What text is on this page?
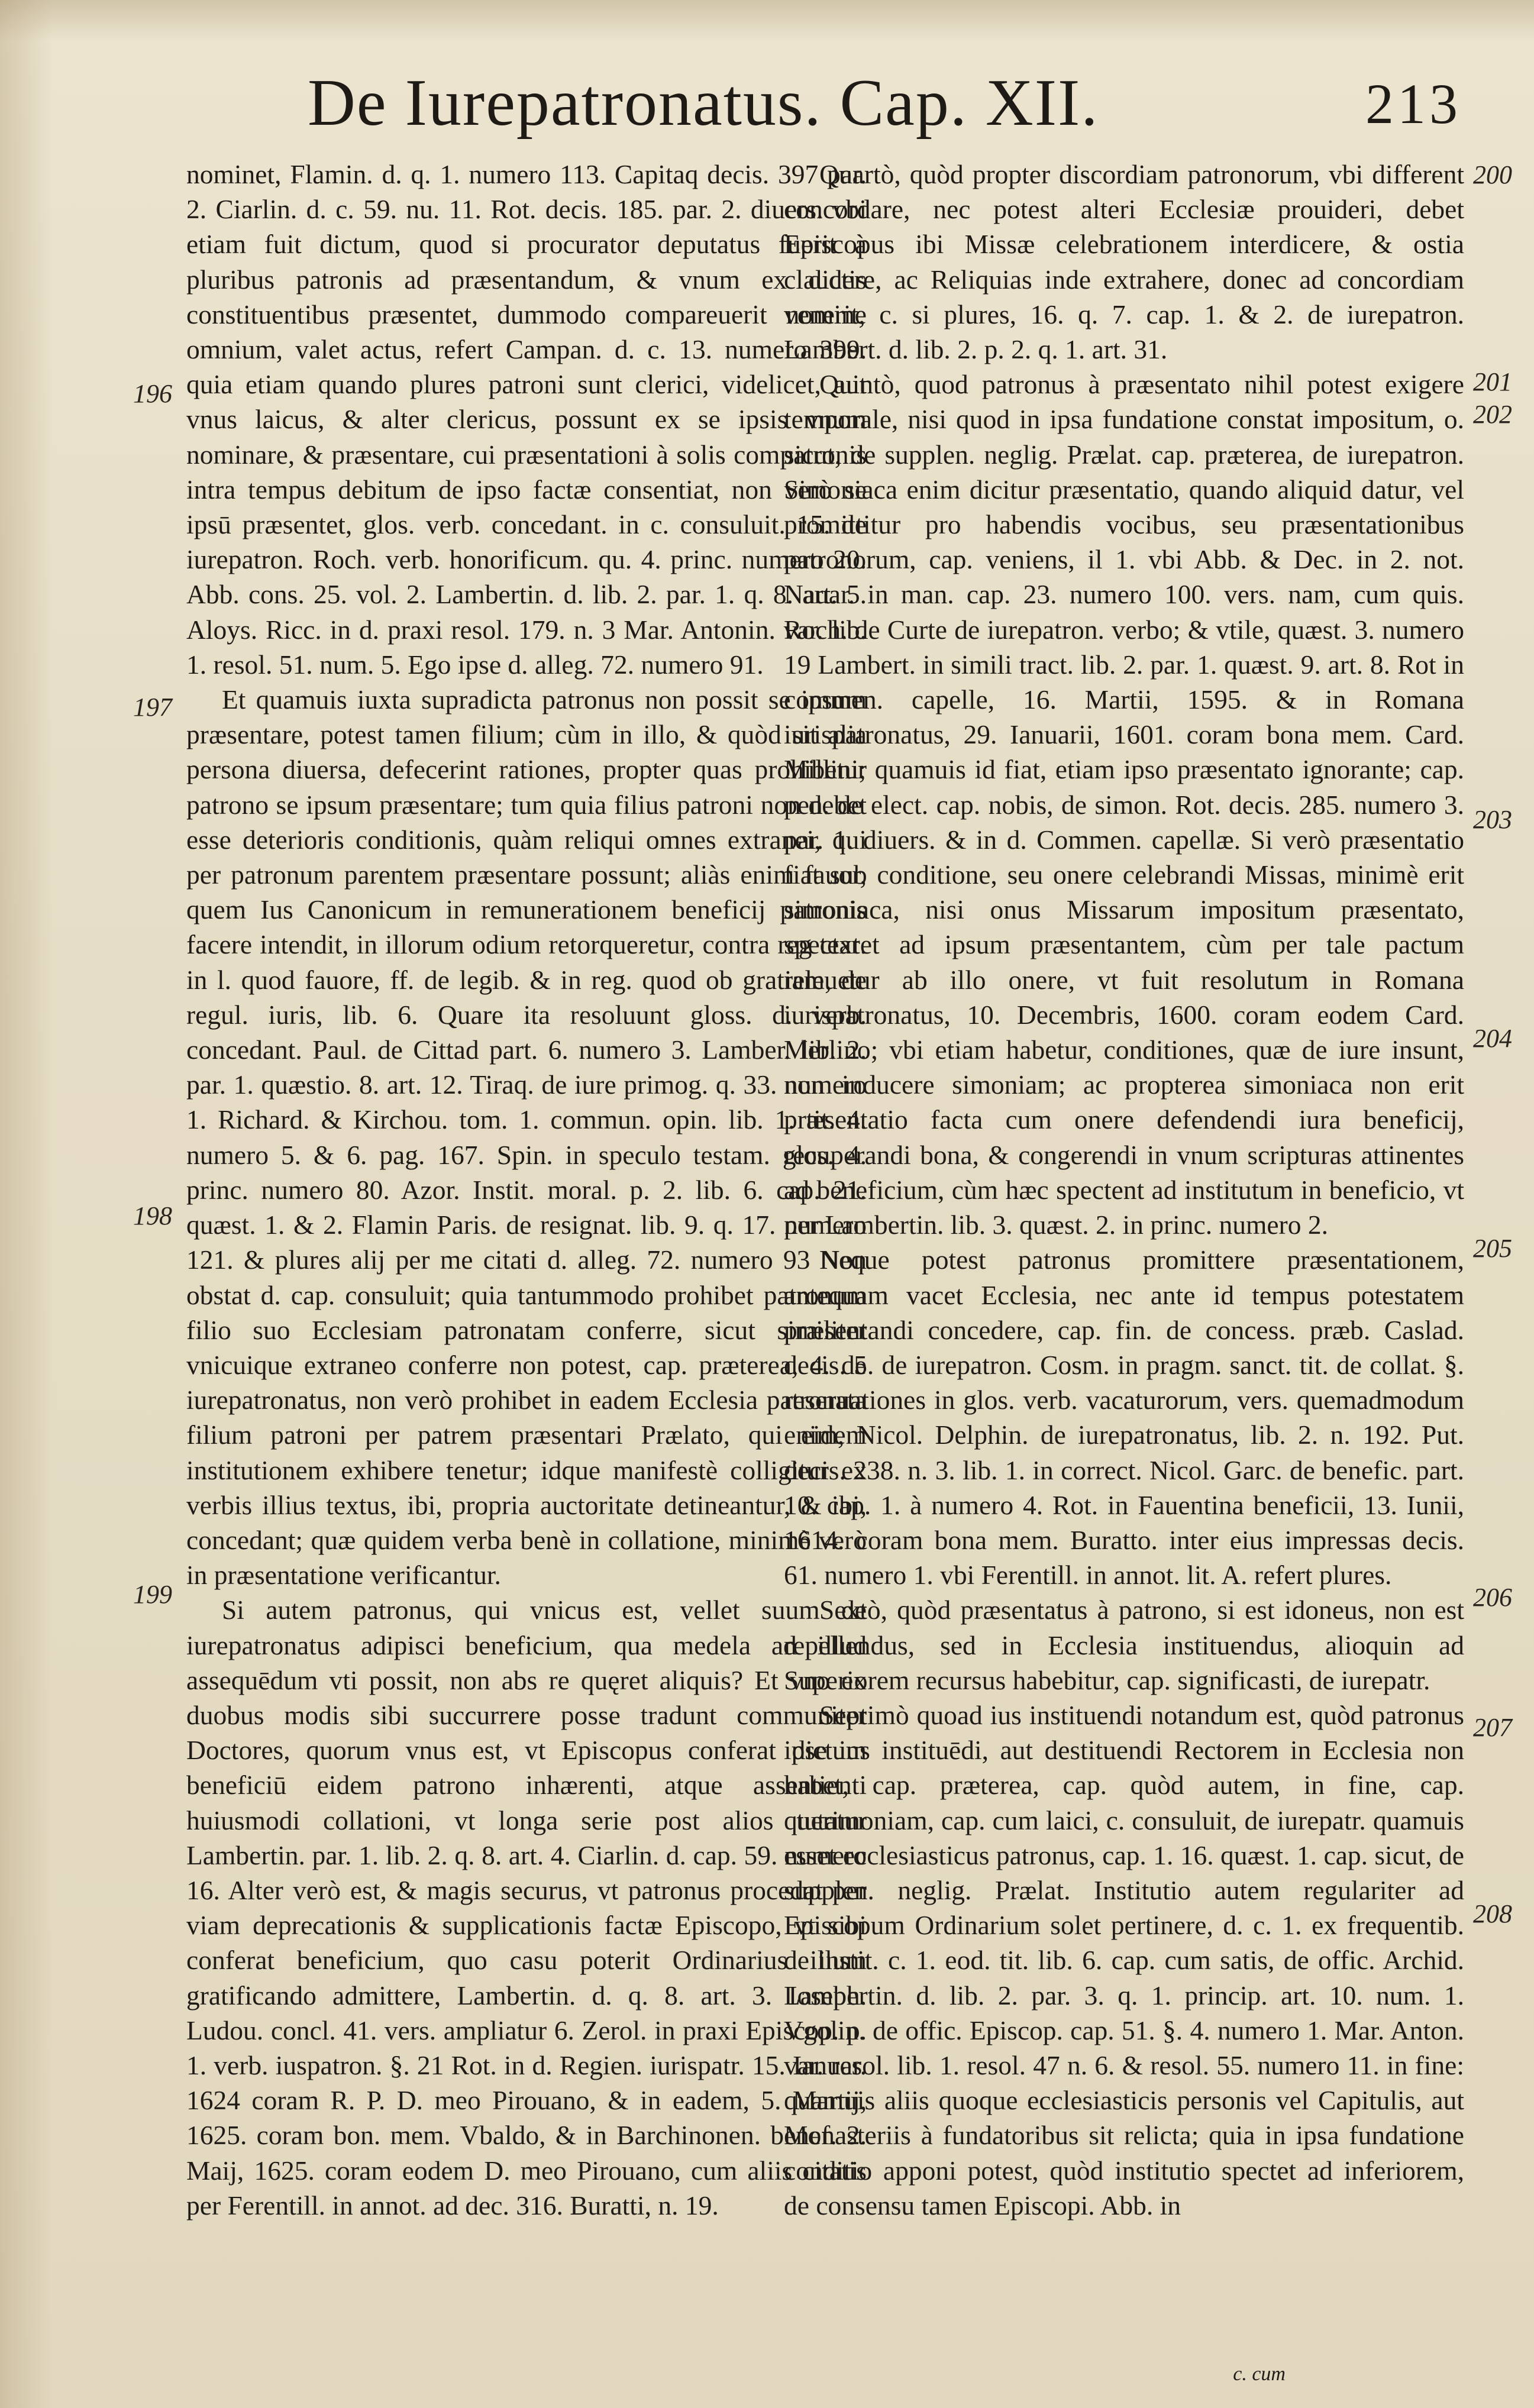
De Iurepatronatus. Cap. XII.	213
196
197
198
199
200
201
202
203
204
205
206
207
208

nominet, Flamin. d. q. 1. numero 113. Capitaq decis. 397 par. 2. Ciarlin. d. c. 59. nu. 11. Rot. decis. 185. par. 2. diuers. vbi etiam fuit dictum, quod si procurator deputatus fuerit à pluribus patronis ad præsentandum, & vnum ex dictis constituentibus præsentet, dummodo compareuerit nomine omnium, valet actus, refert Campan. d. c. 13. numero 399. quia etiam quando plures patroni sunt clerici, videlicet, aut vnus laicus, & alter clericus, possunt ex se ipsis vnum nominare, & præsentare, cui præsentationi à solis compatronis intra tempus debitum de ipso factæ consentiat, non verò se ipsū præsentet, glos. verb. concedant. in c. consuluit. 15. de iurepatron. Roch. verb. honorificum. qu. 4. princ. numero 20. Abb. cons. 25. vol. 2. Lambertin. d. lib. 2. par. 1. q. 8. art. 5. Aloys. Ricc. in d. praxi resol. 179. n. 3 Mar. Antonin. var. lib. 1. resol. 51. num. 5. Ego ipse d. alleg. 72. numero 91.

Et quamuis iuxta supradicta patronus non possit se ipsum præsentare, potest tamen filium; cùm in illo, & quòd sit alia persona diuersa, defecerint rationes, propter quas prohibetur patrono se ipsum præsentare; tum quia filius patroni non debet esse deterioris conditionis, quàm reliqui omnes extranei, qui per patronum parentem præsentare possunt; aliàs enim fauor, quem Ius Canonicum in remunerationem beneficij patronis facere intendit, in illorum odium retorqueretur, contra reg text. in l. quod fauore, ff. de legib. & in reg. quod ob gratiam, de regul. iuris, lib. 6. Quare ita resoluunt gloss. d. verb. concedant. Paul. de Cittad part. 6. numero 3. Lamber. lib. 2. par. 1. quæstio. 8. art. 12. Tiraq. de iure primog. q. 33. numero 1. Richard. & Kirchou. tom. 1. commun. opin. lib. 1. tit. 4. numero 5. & 6. pag. 167. Spin. in speculo testam. glos. 4. princ. numero 80. Azor. Instit. moral. p. 2. lib. 6. cap. 21. quæst. 1. & 2. Flamin Paris. de resignat. lib. 9. q. 17. numero 121. & plures alij per me citati d. alleg. 72. numero 93 Non obstat d. cap. consuluit; quia tantummodo prohibet patronum filio suo Ecclesiam patronatam conferre, sicut similiter vnicuique extraneo conferre non potest, cap. præterea, 4. de iurepatronatus, non verò prohibet in eadem Ecclesia patronata filium patroni per patrem præsentari Prælato, qui eidem institutionem exhibere tenetur; idque manifestè colligitur ex verbis illius textus, ibi, propria auctoritate detineantur, & ibi, concedant; quæ quidem verba benè in collatione, minimè verò in præsentatione verificantur.

Si autem patronus, qui vnicus est, vellet suum de iurepatronatus adipisci beneficium, qua medela ad illud assequēdum vti possit, non abs re quęret aliquis? Et vno ex duobus modis sibi succurrere posse tradunt communiter Doctores, quorum vnus est, vt Episcopus conferat dictum beneficiū eidem patrono inhærenti, atque assentienti huiusmodi collationi, vt longa serie post alios tutatur Lambertin. par. 1. lib. 2. q. 8. art. 4. Ciarlin. d. cap. 59. numero 16. Alter verò est, & magis securus, vt patronus procedat per viam deprecationis & supplicationis factæ Episcopo, vt sibi conferat beneficium, quo casu poterit Ordinarius illum gratificando admittere, Lambertin. d. q. 8. art. 3. Ioseph. Ludou. concl. 41. vers. ampliatur 6. Zerol. in praxi Episcop. p. 1. verb. iuspatron. §. 21 Rot. in d. Regien. iurispatr. 15. Ianuar. 1624 coram R. P. D. meo Pirouano, & in eadem, 5. Martij, 1625. coram bon. mem. Vbaldo, & in Barchinonen. benef. 2. Maij, 1625. coram eodem D. meo Pirouano, cum aliis citatis per Ferentill. in annot. ad dec. 316. Buratti, n. 19.

Quartò, quòd propter discordiam patronorum, vbi different concordare, nec potest alteri Ecclesiæ prouideri, debet Episcopus ibi Missæ celebrationem interdicere, & ostia claudere, ac Reliquias inde extrahere, donec ad concordiam venerit, c. si plures, 16. q. 7. cap. 1. & 2. de iurepatron. Lambert. d. lib. 2. p. 2. q. 1. art. 31.

Quintò, quod patronus à præsentato nihil potest exigere temporale, nisi quod in ipsa fundatione constat impositum, o. sicut, de supplen. neglig. Prælat. cap. præterea, de iurepatron. Simoniaca enim dicitur præsentatio, quando aliquid datur, vel promittitur pro habendis vocibus, seu præsentationibus patronorum, cap. veniens, il 1. vbi Abb. & Dec. in 2. not. Nauar. in man. cap. 23. numero 100. vers. nam, cum quis. Roch. de Curte de iurepatron. verbo; & vtile, quæst. 3. numero 19 Lambert. in simili tract. lib. 2. par. 1. quæst. 9. art. 8. Rot in commen. capelle, 16. Martii, 1595. & in Romana iurispatronatus, 29. Ianuarii, 1601. coram bona mem. Card. Millini; quamuis id fiat, etiam ipso præsentato ignorante; cap. pen. de elect. cap. nobis, de simon. Rot. decis. 285. numero 3. par. 1. diuers. & in d. Commen. capellæ. Si verò præsentatio fiat sub conditione, seu onere celebrandi Missas, minimè erit simoniaca, nisi onus Missarum impositum præsentato, spectaret ad ipsum præsentantem, cùm per tale pactum releuetur ab illo onere, vt fuit resolutum in Romana iurispatronatus, 10. Decembris, 1600. coram eodem Card. Merlino; vbi etiam habetur, conditiones, quæ de iure insunt, non inducere simoniam; ac propterea simoniaca non erit præsentatio facta cum onere defendendi iura beneficij, recuperandi bona, & congerendi in vnum scripturas attinentes ad beneficium, cùm hæc spectent ad institutum in beneficio, vt per Lambertin. lib. 3. quæst. 2. in princ. numero 2.

Neque potest patronus promittere præsentationem, antequam vacet Ecclesia, nec ante id tempus potestatem præsentandi concedere, cap. fin. de concess. præb. Caslad. decis. 5. de iurepatron. Cosm. in pragm. sanct. tit. de collat. §. reseruationes in glos. verb. vacaturorum, vers. quemadmodum enim, Nicol. Delphin. de iurepatronatus, lib. 2. n. 192. Put. decis. 238. n. 3. lib. 1. in correct. Nicol. Garc. de benefic. part. 10. cap. 1. à numero 4. Rot. in Fauentina beneficii, 13. Iunii, 1614. coram bona mem. Buratto. inter eius impressas decis. 61. numero 1. vbi Ferentill. in annot. lit. A. refert plures.

Sextò, quòd præsentatus à patrono, si est idoneus, non est repellendus, sed in Ecclesia instituendus, alioquin ad Superiorem recursus habebitur, cap. significasti, de iurepatr.

Septimò quoad ius instituendi notandum est, quòd patronus ipse ius instituēdi, aut destituendi Rectorem in Ecclesia non habet, cap. præterea, cap. quòd autem, in fine, cap. querimoniam, cap. cum laici, c. consuluit, de iurepatr. quamuis esset ecclesiasticus patronus, cap. 1. 16. quæst. 1. cap. sicut, de supplen. neglig. Prælat. Institutio autem regulariter ad Episcopum Ordinarium solet pertinere, d. c. 1. ex frequentib. de instit. c. 1. eod. tit. lib. 6. cap. cum satis, de offic. Archid. Lambertin. d. lib. 2. par. 3. q. 1. princip. art. 10. num. 1. Vgolin. de offic. Episcop. cap. 51. §. 4. numero 1. Mar. Anton. var. resol. lib. 1. resol. 47 n. 6. & resol. 55. numero 11. in fine: quamuis aliis quoque ecclesiasticis personis vel Capitulis, aut Monasteriis à fundatoribus sit relicta; quia in ipsa fundatione conditio apponi potest, quòd institutio spectet ad inferiorem, de consensu tamen Episcopi. Abb. in

c. cum
